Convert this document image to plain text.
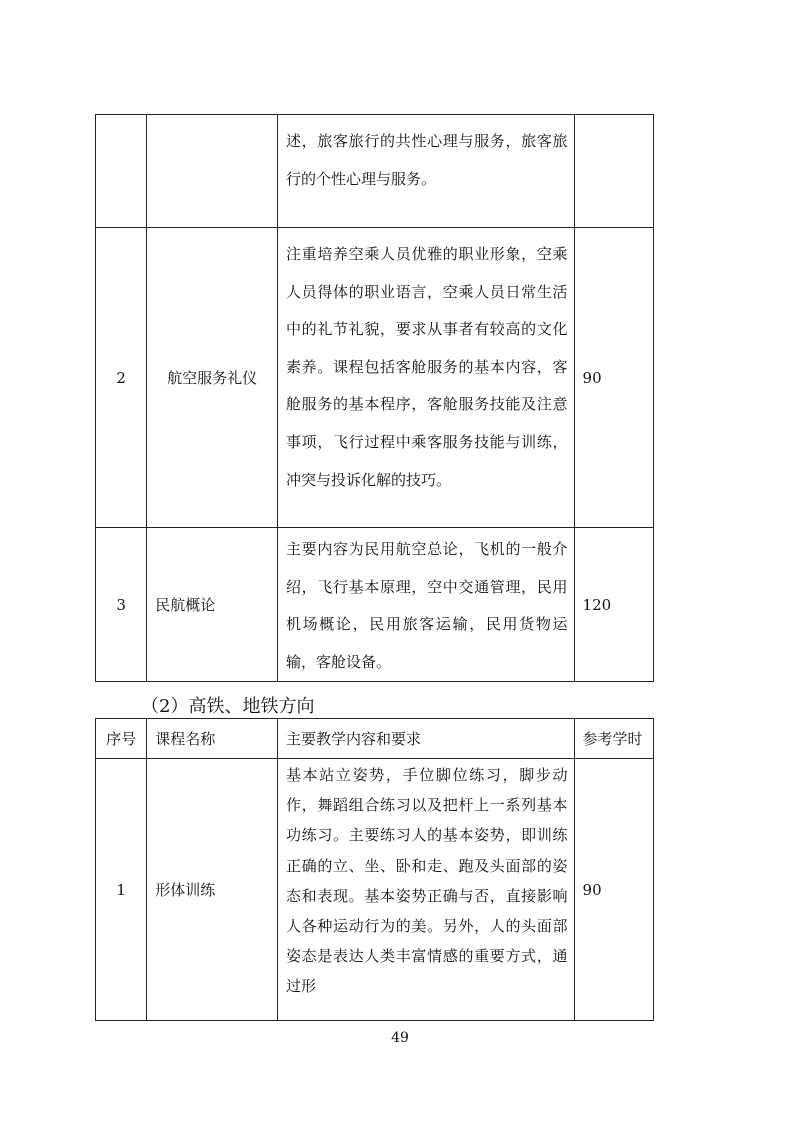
		述，旅客旅行的共性心理与服务，旅客旅行的个性心理与服务。	
2	航空服务礼仪	注重培养空乘人员优雅的职业形象，空乘人员得体的职业语言，空乘人员日常生活中的礼节礼貌，要求从事者有较高的文化素养。课程包括客舱服务的基本内容，客舱服务的基本程序，客舱服务技能及注意事项，飞行过程中乘客服务技能与训练，冲突与投诉化解的技巧。	90
3	民航概论	主要内容为民用航空总论，飞机的一般介绍，飞行基本原理，空中交通管理，民用机场概论，民用旅客运输，民用货物运输，客舱设备。	120
（2）高铁、地铁方向
序号	课程名称	主要教学内容和要求	参考学时
1	形体训练	基本站立姿势，手位脚位练习，脚步动作，舞蹈组合练习以及把杆上一系列基本功练习。主要练习人的基本姿势，即训练正确的立、坐、卧和走、跑及头面部的姿态和表现。基本姿势正确与否，直接影响人各种运动行为的美。另外，人的头面部姿态是表达人类丰富情感的重要方式，通过形	90
49
